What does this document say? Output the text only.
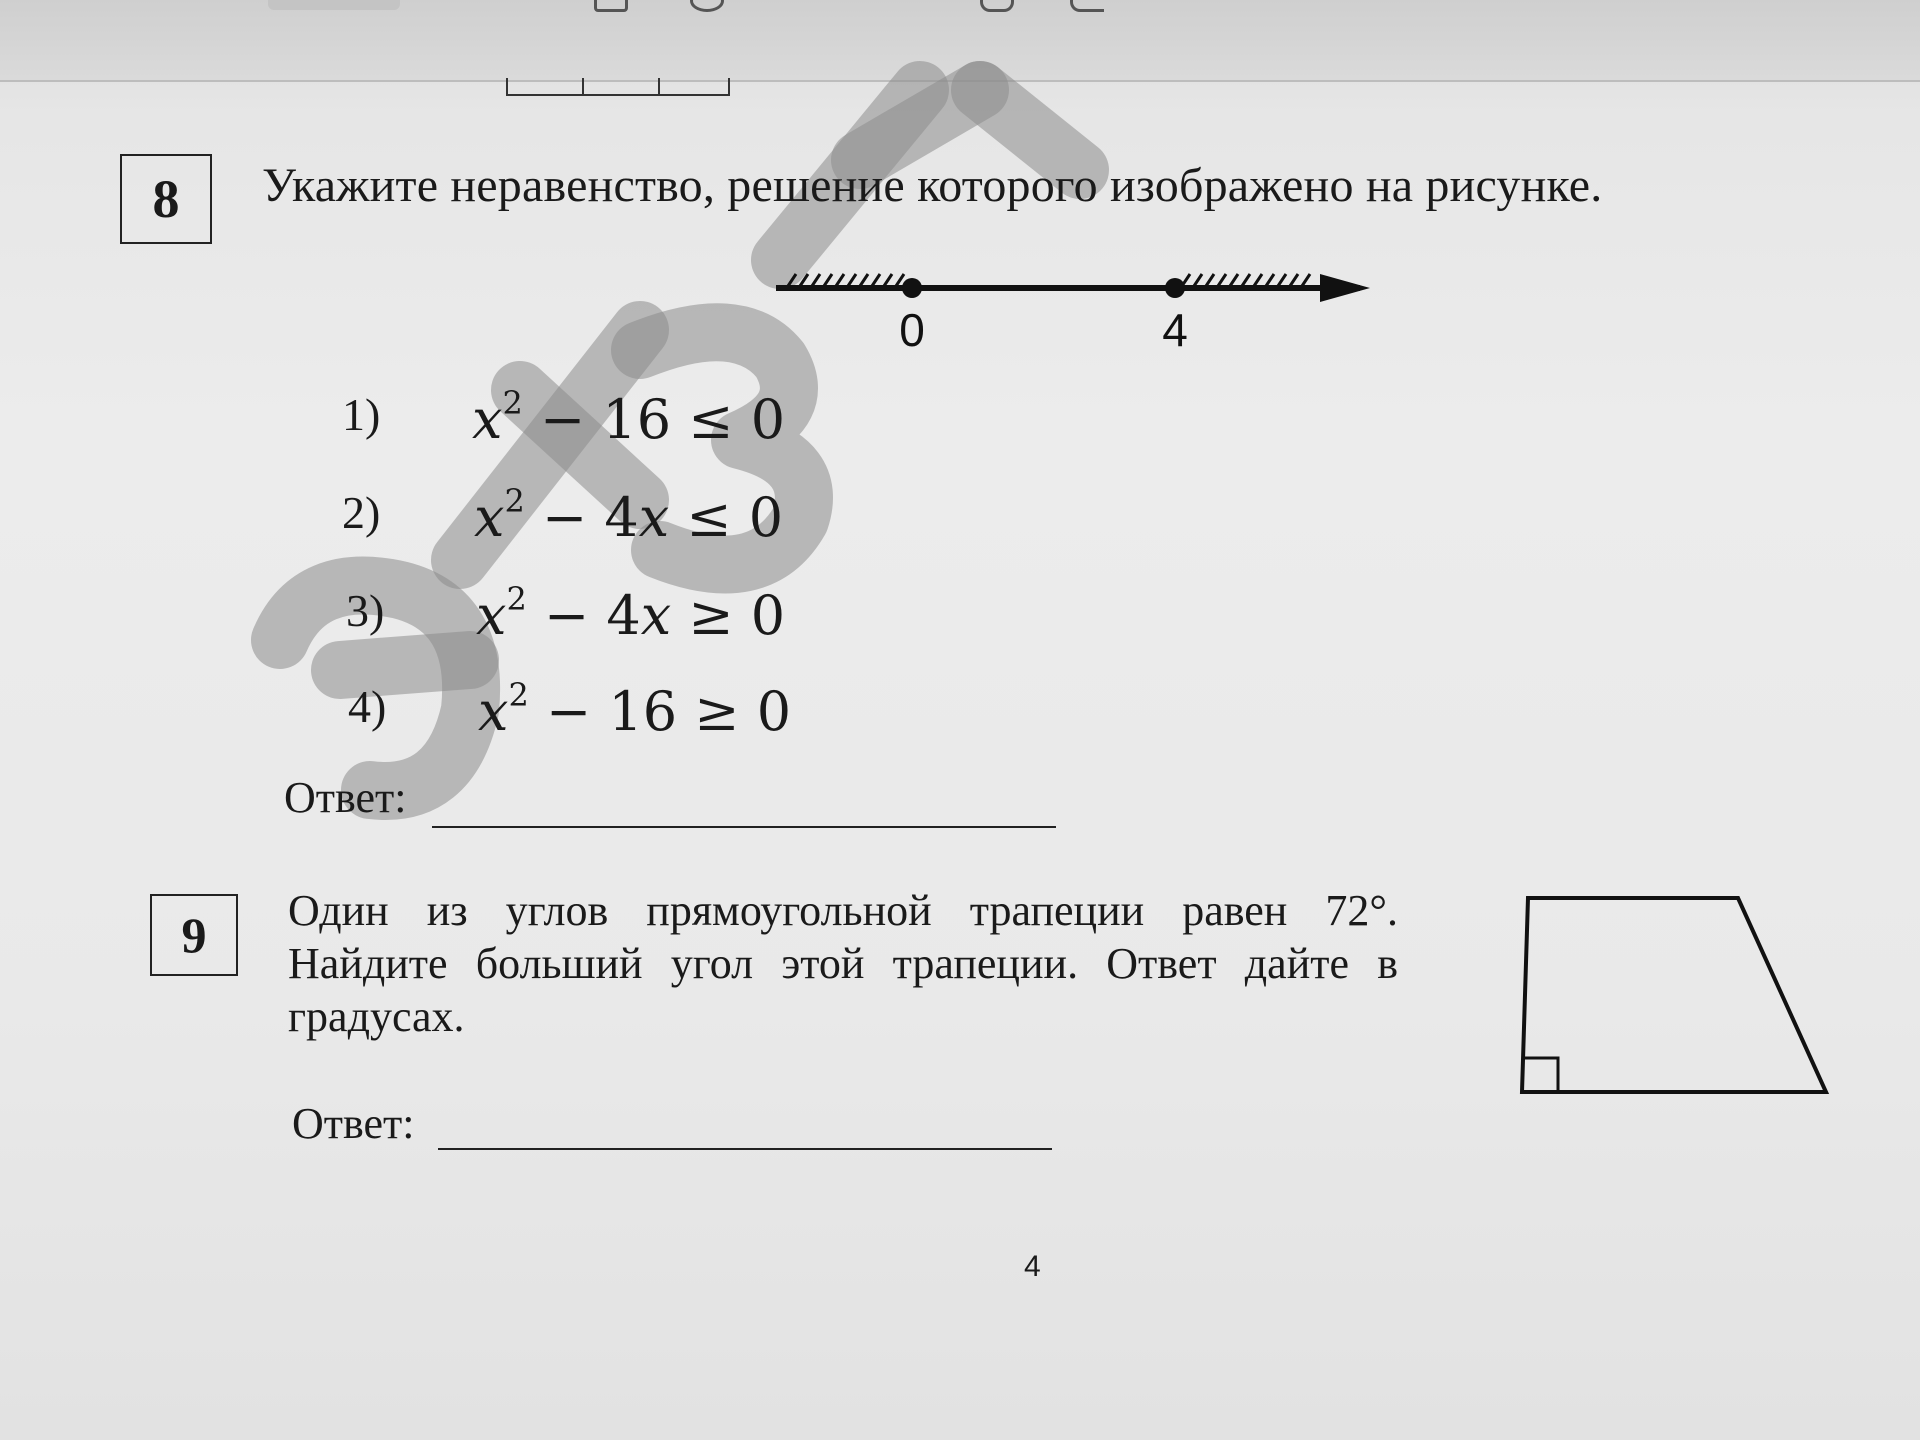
8	Укажите неравенство, решение которого изображено на рисунке.
0	4
1) $x^2 - 16 \le 0$
2) $x^2 - 4x \le 0$
3) $x^2 - 4x \ge 0$
4) $x^2 - 16 \ge 0$
Ответ:
9	Один из углов прямоугольной трапеции равен 72°. Найдите больший угол этой трапеции. Ответ дайте в градусах.
Ответ:
4
